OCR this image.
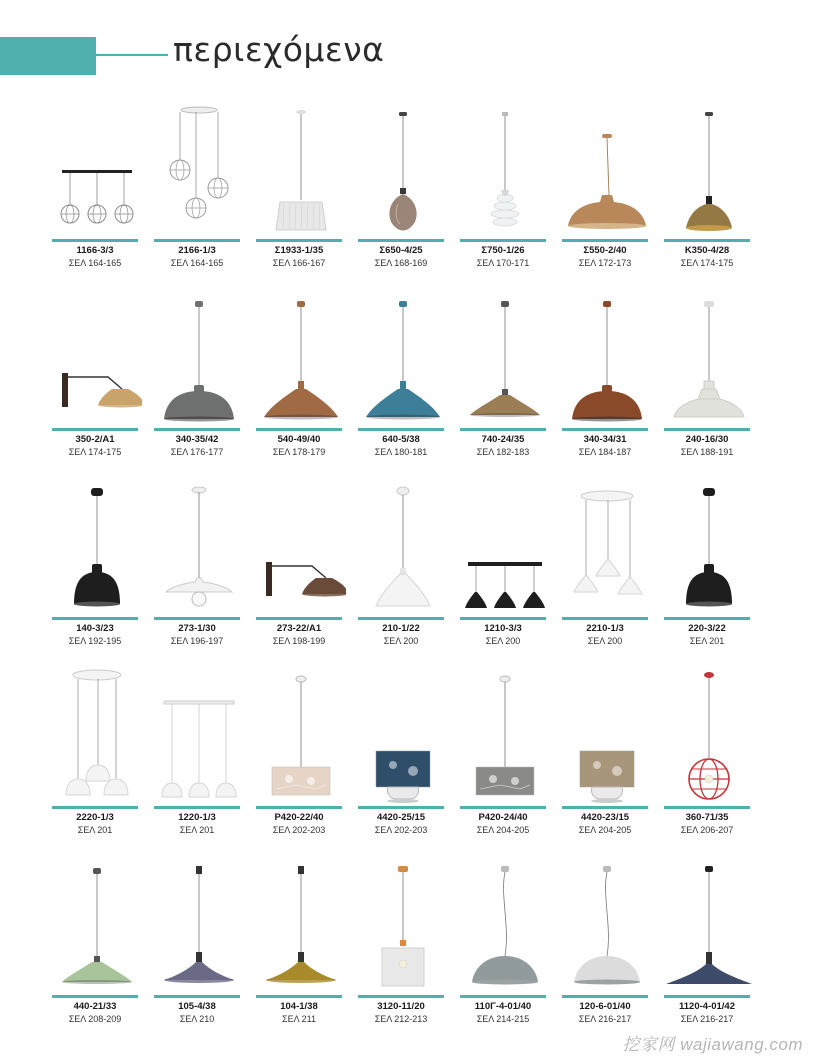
περιεχόμενα
1166-3/3
ΣΕΛ 164-165
2166-1/3
ΣΕΛ 164-165
Σ1933-1/35
ΣΕΛ 166-167
Σ650-4/25
ΣΕΛ 168-169
Σ750-1/26
ΣΕΛ 170-171
Σ550-2/40
ΣΕΛ 172-173
Κ350-4/28
ΣΕΛ 174-175
350-2/Α1
ΣΕΛ 174-175
340-35/42
ΣΕΛ 176-177
540-49/40
ΣΕΛ 178-179
640-5/38
ΣΕΛ 180-181
740-24/35
ΣΕΛ 182-183
340-34/31
ΣΕΛ 184-187
240-16/30
ΣΕΛ 188-191
140-3/23
ΣΕΛ 192-195
273-1/30
ΣΕΛ 196-197
273-22/Α1
ΣΕΛ 198-199
210-1/22
ΣΕΛ 200
1210-3/3
ΣΕΛ 200
2210-1/3
ΣΕΛ 200
220-3/22
ΣΕΛ 201
2220-1/3
ΣΕΛ 201
1220-1/3
ΣΕΛ 201
P420-22/40
ΣΕΛ 202-203
4420-25/15
ΣΕΛ 202-203
P420-24/40
ΣΕΛ 204-205
4420-23/15
ΣΕΛ 204-205
360-71/35
ΣΕΛ 206-207
440-21/33
ΣΕΛ 208-209
105-4/38
ΣΕΛ 210
104-1/38
ΣΕΛ 211
3120-11/20
ΣΕΛ 212-213
110Γ-4-01/40
ΣΕΛ 214-215
120-6-01/40
ΣΕΛ 216-217
1120-4-01/42
ΣΕΛ 216-217
挖家网 wajiawang.com
